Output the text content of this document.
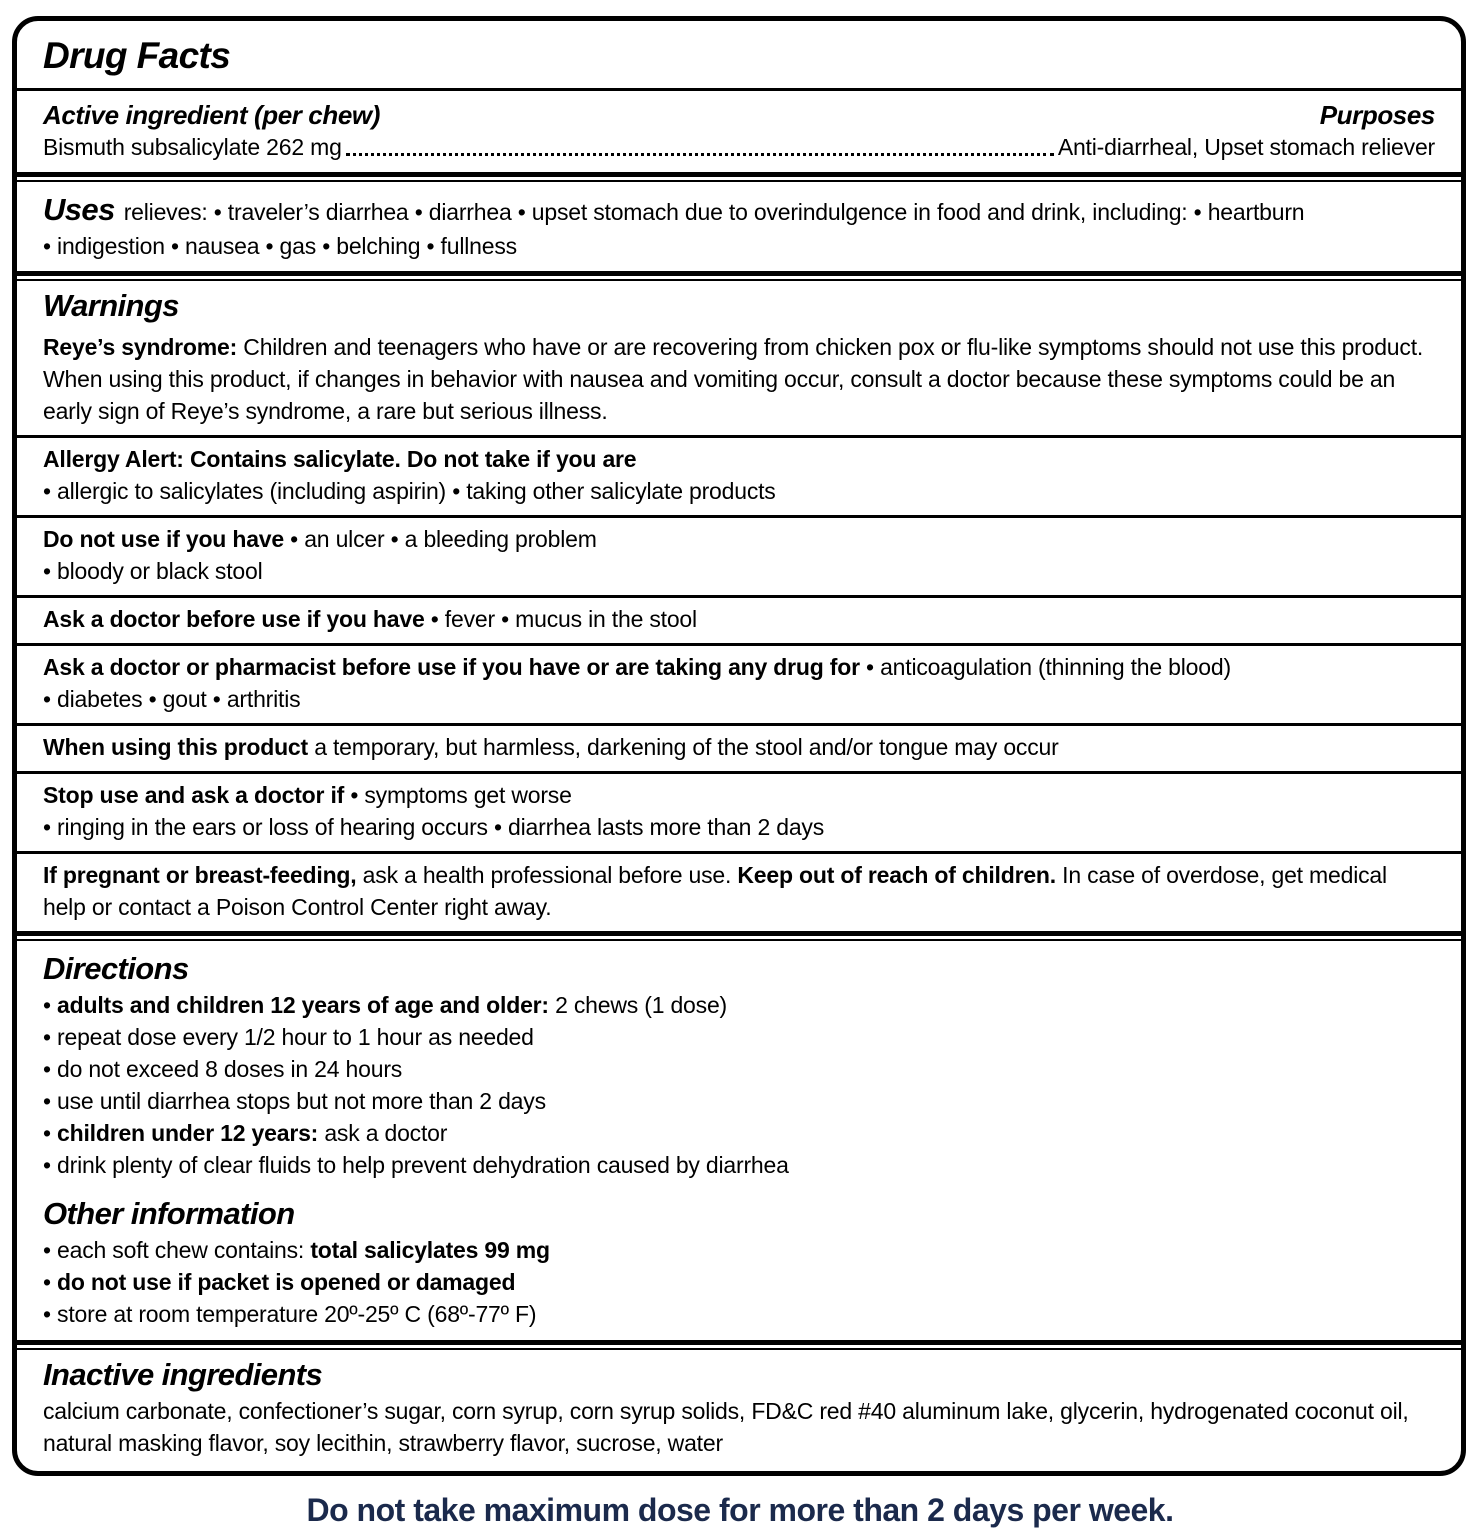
Drug Facts
Active ingredient (per chew)	Purposes
Bismuth subsalicylate 262 mg	Anti-diarrheal, Upset stomach reliever

Uses relieves: • traveler’s diarrhea • diarrhea • upset stomach due to overindulgence in food and drink, including: • heartburn
• indigestion • nausea • gas • belching • fullness

Warnings

Reye’s syndrome: Children and teenagers who have or are recovering from chicken pox or flu-like symptoms should not use this product. When using this product, if changes in behavior with nausea and vomiting occur, consult a doctor because these symptoms could be an early sign of Reye’s syndrome, a rare but serious illness.

Allergy Alert: Contains salicylate. Do not take if you are
• allergic to salicylates (including aspirin) • taking other salicylate products

Do not use if you have • an ulcer • a bleeding problem
• bloody or black stool

Ask a doctor before use if you have • fever • mucus in the stool

Ask a doctor or pharmacist before use if you have or are taking any drug for • anticoagulation (thinning the blood)
• diabetes • gout • arthritis

When using this product a temporary, but harmless, darkening of the stool and/or tongue may occur

Stop use and ask a doctor if • symptoms get worse
• ringing in the ears or loss of hearing occurs • diarrhea lasts more than 2 days

If pregnant or breast-feeding, ask a health professional before use. Keep out of reach of children. In case of overdose, get medical help or contact a Poison Control Center right away.

Directions

• adults and children 12 years of age and older: 2 chews (1 dose)

• repeat dose every 1/2 hour to 1 hour as needed

• do not exceed 8 doses in 24 hours

• use until diarrhea stops but not more than 2 days

• children under 12 years: ask a doctor

• drink plenty of clear fluids to help prevent dehydration caused by diarrhea

Other information

• each soft chew contains: total salicylates 99 mg

• do not use if packet is opened or damaged

• store at room temperature 20º-25º C (68º-77º F)

Inactive ingredients

calcium carbonate, confectioner’s sugar, corn syrup, corn syrup solids, FD&C red #40 aluminum lake, glycerin, hydrogenated coconut oil, natural masking flavor, soy lecithin, strawberry flavor, sucrose, water

Do not take maximum dose for more than 2 days per week.
